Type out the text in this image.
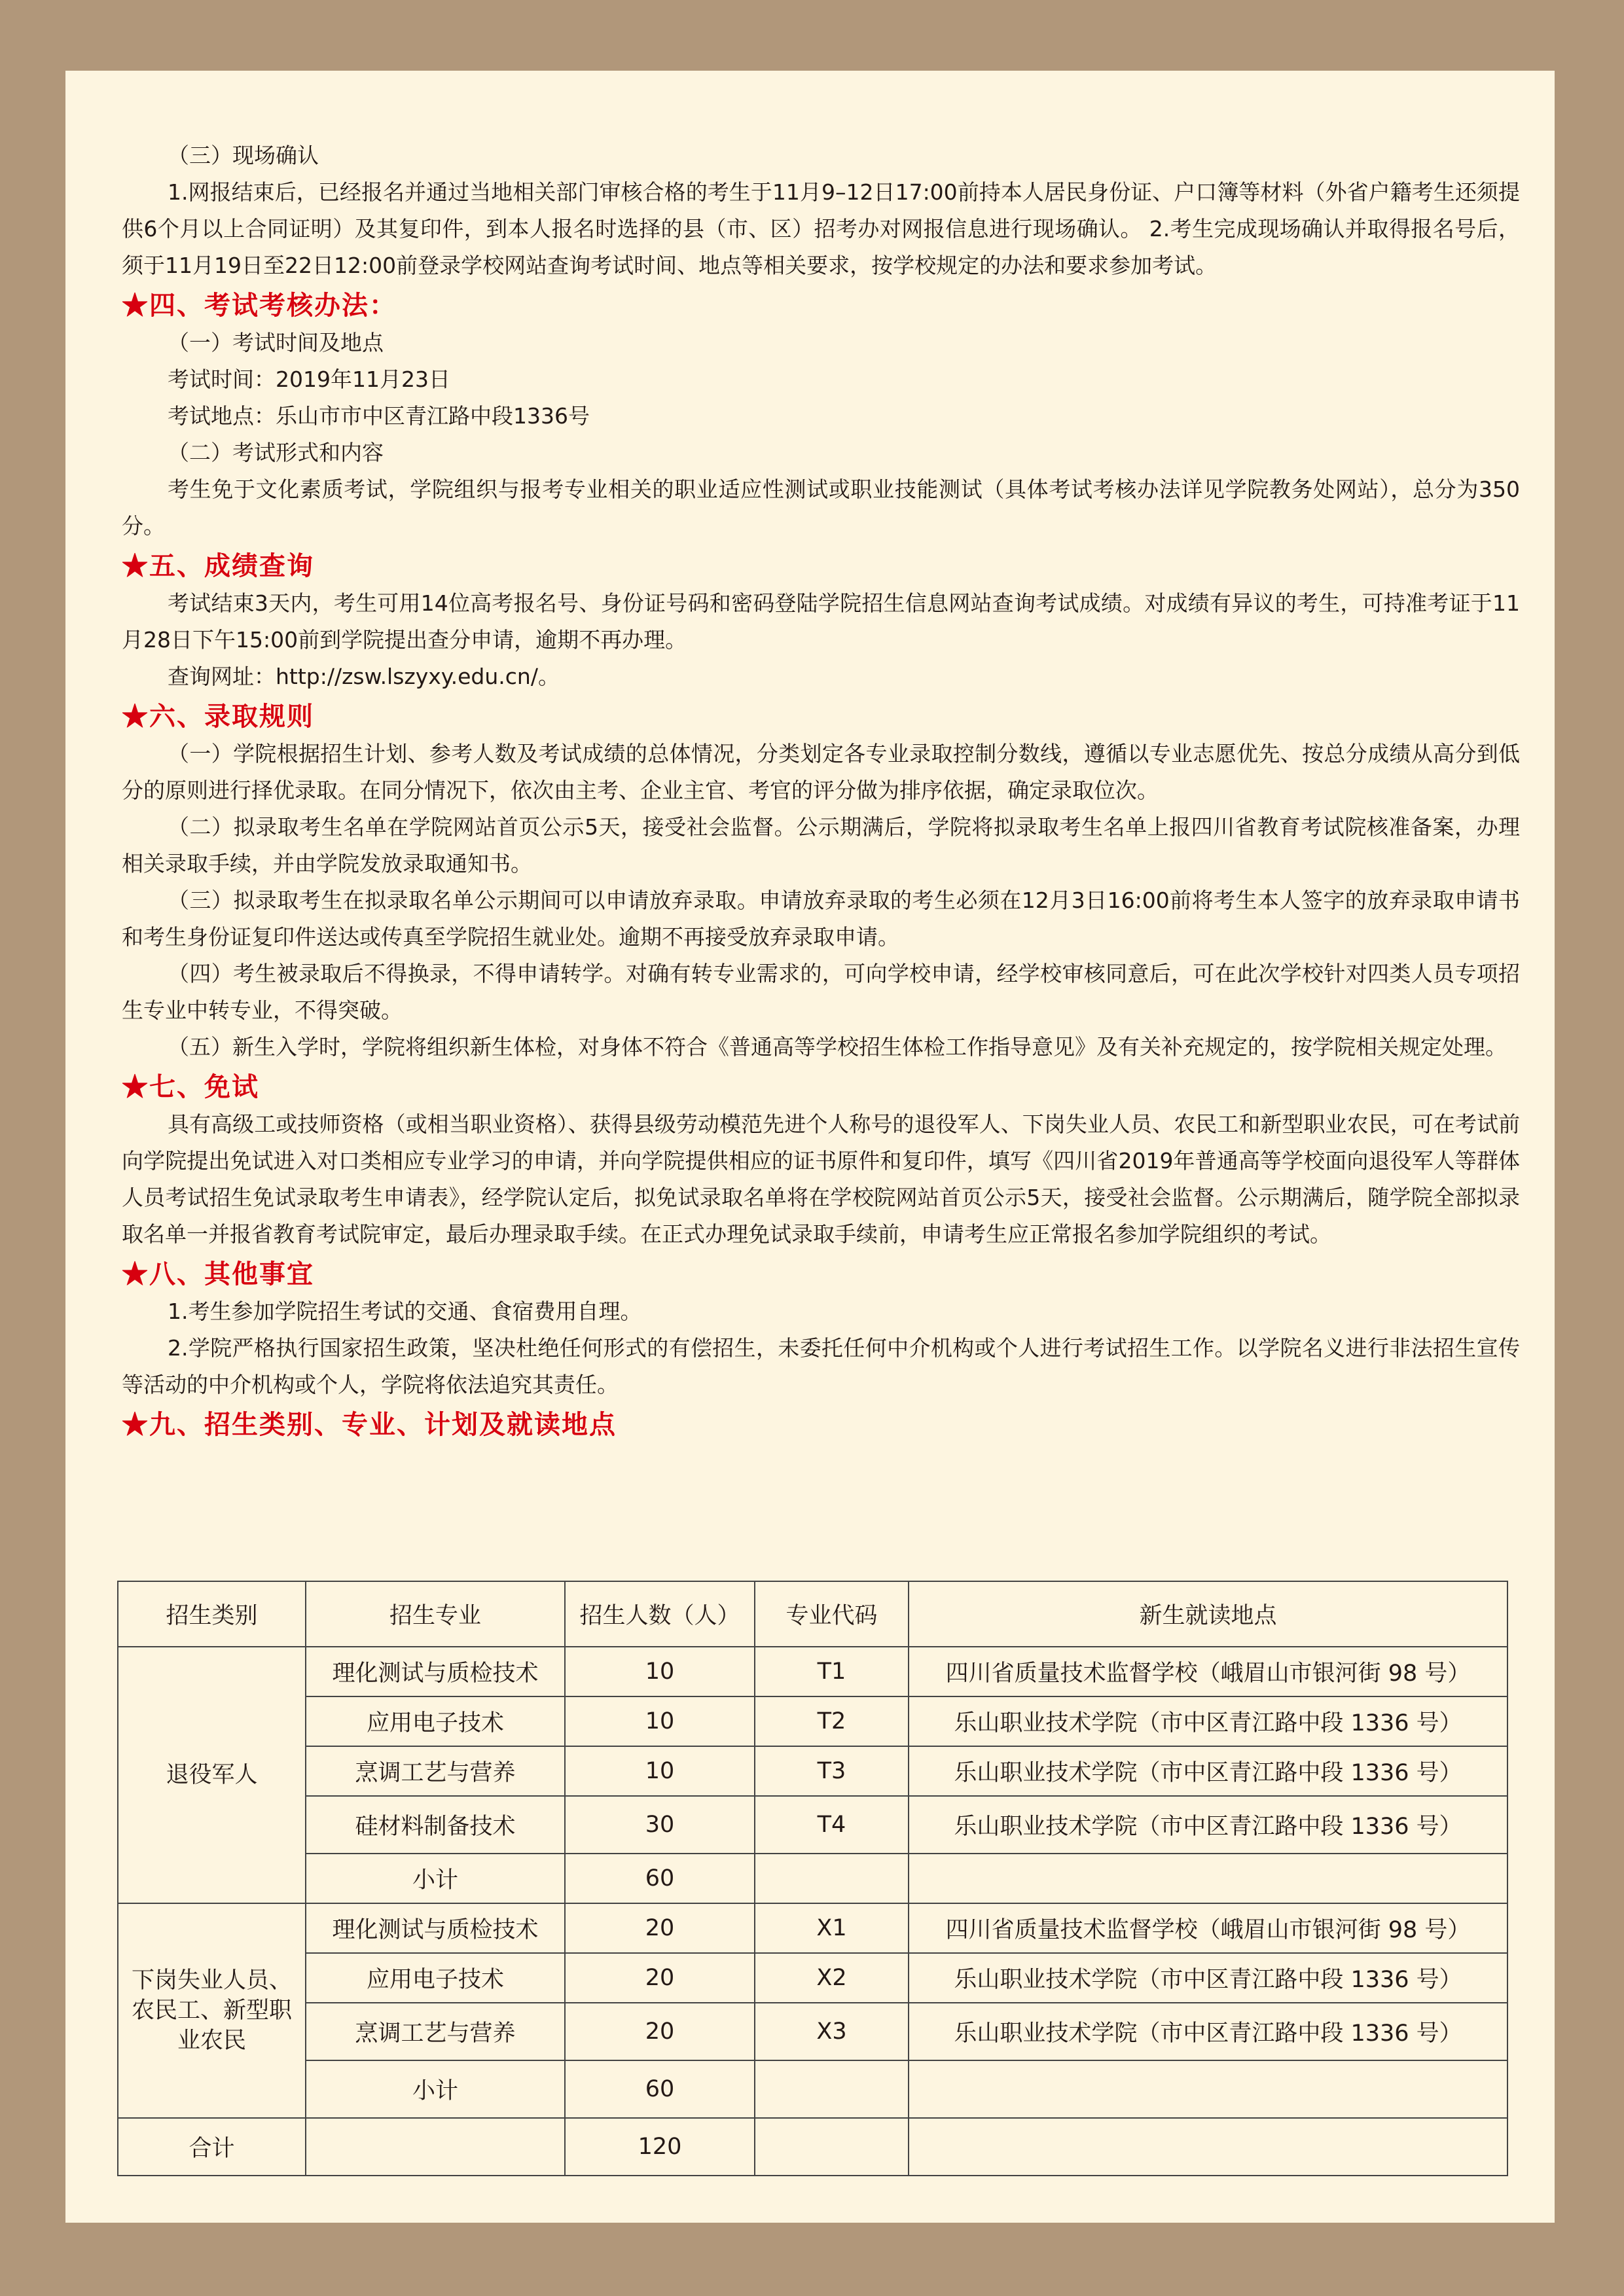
（三）现场确认

1.网报结束后，已经报名并通过当地相关部门审核合格的考生于11月9–12日17:00前持本人居民身份证、户口簿等材料（外省户籍考生还须提供6个月以上合同证明）及其复印件，到本人报名时选择的县（市、区）招考办对网报信息进行现场确认。 2.考生完成现场确认并取得报名号后，须于11月19日至22日12:00前登录学校网站查询考试时间、地点等相关要求，按学校规定的办法和要求参加考试。

★四、考试考核办法：

（一）考试时间及地点

考试时间：2019年11月23日

考试地点：乐山市市中区青江路中段1336号

（二）考试形式和内容

考生免于文化素质考试，学院组织与报考专业相关的职业适应性测试或职业技能测试（具体考试考核办法详见学院教务处网站），总分为350分。

★五、成绩查询

考试结束3天内，考生可用14位高考报名号、身份证号码和密码登陆学院招生信息网站查询考试成绩。对成绩有异议的考生，可持准考证于11月28日下午15:00前到学院提出查分申请，逾期不再办理。

查询网址：http://zsw.lszyxy.edu.cn/。

★六、录取规则

（一）学院根据招生计划、参考人数及考试成绩的总体情况，分类划定各专业录取控制分数线，遵循以专业志愿优先、按总分成绩从高分到低分的原则进行择优录取。在同分情况下，依次由主考、企业主官、考官的评分做为排序依据，确定录取位次。

（二）拟录取考生名单在学院网站首页公示5天，接受社会监督。公示期满后，学院将拟录取考生名单上报四川省教育考试院核准备案，办理相关录取手续，并由学院发放录取通知书。

（三）拟录取考生在拟录取名单公示期间可以申请放弃录取。申请放弃录取的考生必须在12月3日16:00前将考生本人签字的放弃录取申请书和考生身份证复印件送达或传真至学院招生就业处。逾期不再接受放弃录取申请。

（四）考生被录取后不得换录，不得申请转学。对确有转专业需求的，可向学校申请，经学校审核同意后，可在此次学校针对四类人员专项招生专业中转专业，不得突破。

（五）新生入学时，学院将组织新生体检，对身体不符合《普通高等学校招生体检工作指导意见》及有关补充规定的，按学院相关规定处理。

★七、免试

具有高级工或技师资格（或相当职业资格）、获得县级劳动模范先进个人称号的退役军人、下岗失业人员、农民工和新型职业农民，可在考试前向学院提出免试进入对口类相应专业学习的申请，并向学院提供相应的证书原件和复印件，填写《四川省2019年普通高等学校面向退役军人等群体人员考试招生免试录取考生申请表》，经学院认定后，拟免试录取名单将在学校院网站首页公示5天，接受社会监督。公示期满后，随学院全部拟录取名单一并报省教育考试院审定，最后办理录取手续。在正式办理免试录取手续前，申请考生应正常报名参加学院组织的考试。

★八、其他事宜

1.考生参加学院招生考试的交通、食宿费用自理。

2.学院严格执行国家招生政策，坚决杜绝任何形式的有偿招生，未委托任何中介机构或个人进行考试招生工作。以学院名义进行非法招生宣传等活动的中介机构或个人，学院将依法追究其责任。

★九、招生类别、专业、计划及就读地点

招生类别	招生专业	招生人数（人）	专业代码	新生就读地点
退役军人	理化测试与质检技术	10	T1	四川省质量技术监督学校（峨眉山市银河街 98 号）
	应用电子技术	10	T2	乐山职业技术学院（市中区青江路中段 1336 号）
	烹调工艺与营养	10	T3	乐山职业技术学院（市中区青江路中段 1336 号）
	硅材料制备技术	30	T4	乐山职业技术学院（市中区青江路中段 1336 号）
	小计	60		
下岗失业人员、农民工、新型职业农民	理化测试与质检技术	20	X1	四川省质量技术监督学校（峨眉山市银河街 98 号）
	应用电子技术	20	X2	乐山职业技术学院（市中区青江路中段 1336 号）
	烹调工艺与营养	20	X3	乐山职业技术学院（市中区青江路中段 1336 号）
	小计	60		
合计		120		
